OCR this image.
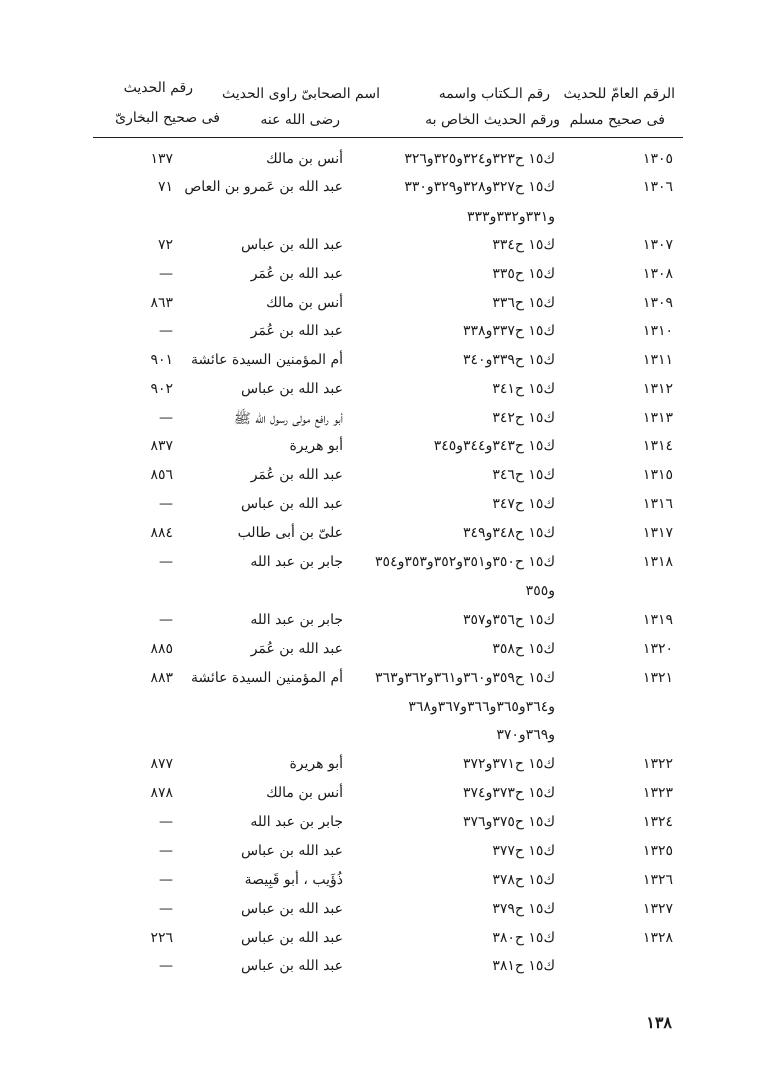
الرقم العامّ للحديث
فى صحيح مسلم
رقم الـكتاب واسمه
ورقم الحديث الخاص به
اسم الصحابىّ راوى الحديث
رضى الله عنه
رقم الحديث
فى صحيح البخارىّ
١٣٠٥
ك١٥ ح٣٢٣و٣٢٤و٣٢٥و٣٢٦
أنس بن مالك
١٣٧
١٣٠٦
ك١٥ ح٣٢٧و٣٢٨و٣٢٩و٣٣٠
عبد الله بن عَمرو بن العاص
٧١
و٣٣١و٣٣٢و٣٣٣
١٣٠٧
ك١٥ ح٣٣٤
عبد الله بن عباس
٧٢
١٣٠٨
ك١٥ ح٣٣٥
عبد الله بن عُمَر
—
١٣٠٩
ك١٥ ح٣٣٦
أنس بن مالك
٨٦٣
١٣١٠
ك١٥ ح٣٣٧و٣٣٨
عبد الله بن عُمَر
—
١٣١١
ك١٥ ح٣٣٩و٣٤٠
أم المؤمنين السيدة عائشة
٩٠١
١٣١٢
ك١٥ ح٣٤١
عبد الله بن عباس
٩٠٢
١٣١٣
ك١٥ ح٣٤٢
أبو رافع مولى رسول الله ﷺ
—
١٣١٤
ك١٥ ح٣٤٣و٣٤٤و٣٤٥
أبو هريرة
٨٣٧
١٣١٥
ك١٥ ح٣٤٦
عبد الله بن عُمَر
٨٥٦
١٣١٦
ك١٥ ح٣٤٧
عبد الله بن عباس
—
١٣١٧
ك١٥ ح٣٤٨و٣٤٩
علىّ بن أبى طالب
٨٨٤
١٣١٨
ك١٥ ح٣٥٠و٣٥١و٣٥٢و٣٥٣و٣٥٤
جابر بن عبد الله
—
و٣٥٥
١٣١٩
ك١٥ ح٣٥٦و٣٥٧
جابر بن عبد الله
—
١٣٢٠
ك١٥ ح٣٥٨
عبد الله بن عُمَر
٨٨٥
١٣٢١
ك١٥ ح٣٥٩و٣٦٠و٣٦١و٣٦٢و٣٦٣
أم المؤمنين السيدة عائشة
٨٨٣
و٣٦٤و٣٦٥و٣٦٦و٣٦٧و٣٦٨
و٣٦٩و٣٧٠
١٣٢٢
ك١٥ ح٣٧١و٣٧٢
أبو هريرة
٨٧٧
١٣٢٣
ك١٥ ح٣٧٣و٣٧٤
أنس بن مالك
٨٧٨
١٣٢٤
ك١٥ ح٣٧٥و٣٧٦
جابر بن عبد الله
—
١٣٢٥
ك١٥ ح٣٧٧
عبد الله بن عباس
—
١٣٢٦
ك١٥ ح٣٧٨
ذُؤَيب ، أبو قَبِيصة
—
١٣٢٧
ك١٥ ح٣٧٩
عبد الله بن عباس
—
١٣٢٨
ك١٥ ح٣٨٠
عبد الله بن عباس
٢٢٦
ك١٥ ح٣٨١
عبد الله بن عباس
—
١٣٨
